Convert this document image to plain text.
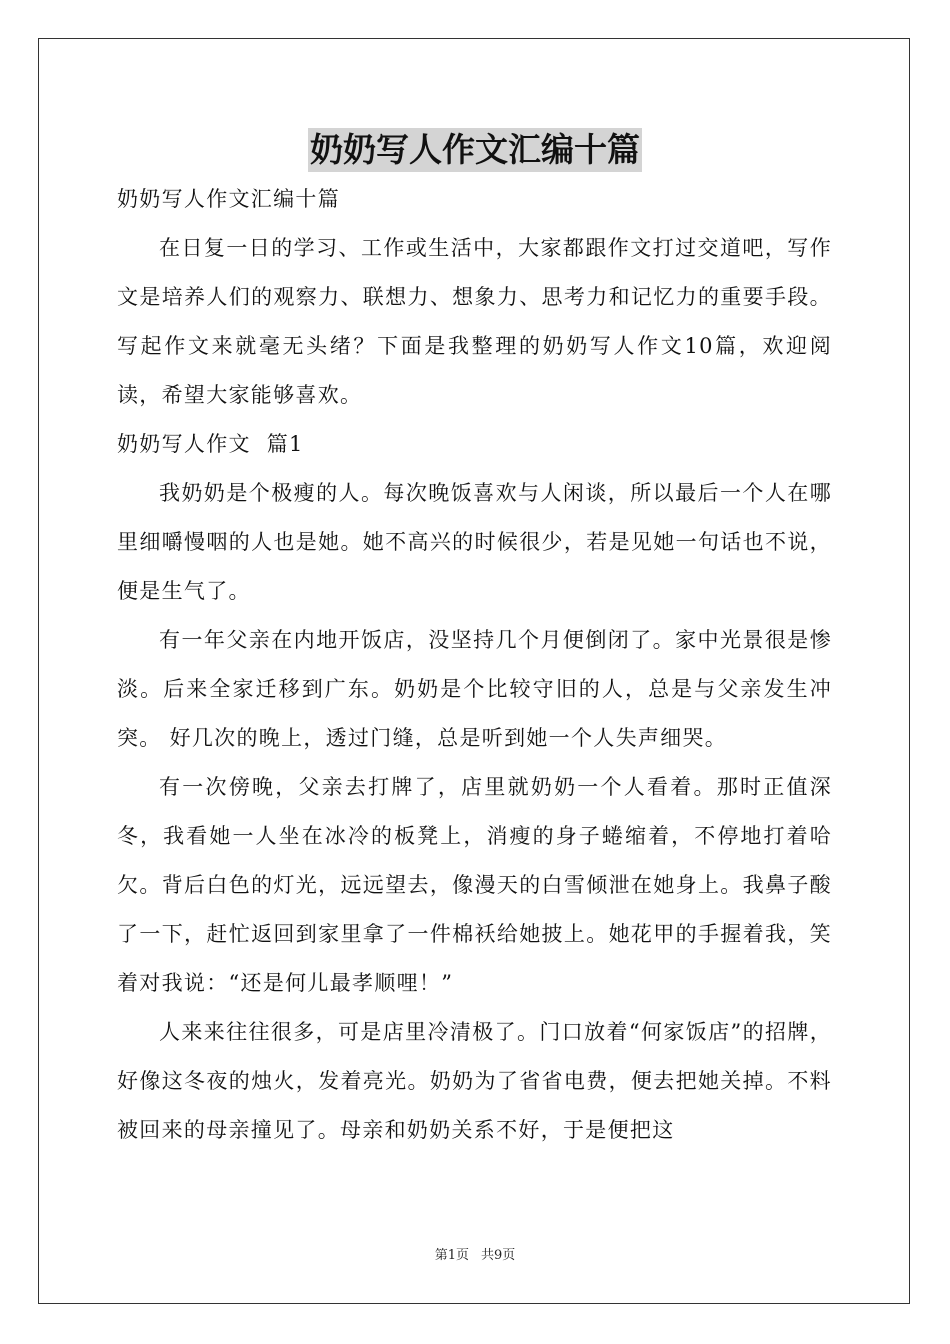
奶奶写人作文汇编十篇

奶奶写人作文汇编十篇

在日复一日的学习、工作或生活中，大家都跟作文打过交道吧，写作文是培养人们的观察力、联想力、想象力、思考力和记忆力的重要手段。写起作文来就毫无头绪？下面是我整理的奶奶写人作文10篇，欢迎阅读，希望大家能够喜欢。

奶奶写人作文  篇1

我奶奶是个极瘦的人。每次晚饭喜欢与人闲谈，所以最后一个人在哪里细嚼慢咽的人也是她。她不高兴的时候很少，若是见她一句话也不说，便是生气了。

有一年父亲在内地开饭店，没坚持几个月便倒闭了。家中光景很是惨淡。后来全家迁移到广东。奶奶是个比较守旧的人，总是与父亲发生冲突。 好几次的晚上，透过门缝，总是听到她一个人失声细哭。

有一次傍晚，父亲去打牌了，店里就奶奶一个人看着。那时正值深冬，我看她一人坐在冰冷的板凳上，消瘦的身子蜷缩着，不停地打着哈欠。背后白色的灯光，远远望去，像漫天的白雪倾泄在她身上。我鼻子酸了一下，赶忙返回到家里拿了一件棉袄给她披上。她花甲的手握着我，笑着对我说：“还是何儿最孝顺哩！”

人来来往往很多，可是店里冷清极了。门口放着“何家饭店”的招牌，好像这冬夜的烛火，发着亮光。奶奶为了省省电费，便去把她关掉。不料被回来的母亲撞见了。母亲和奶奶关系不好，于是便把这

第1页 共9页
